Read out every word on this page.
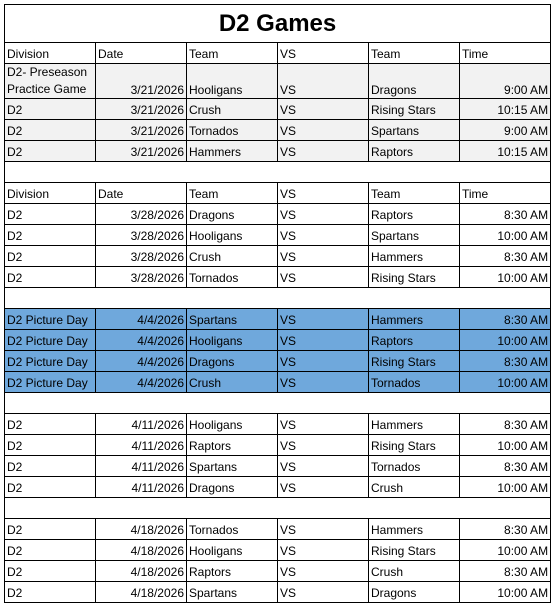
D2 Games					
Division	Date	Team	VS	Team	Time

D2- Preseason Practice Game	3/21/2026	Hooligans	VS	Dragons	9:00 AM
D2	3/21/2026	Crush	VS	Rising Stars	10:15 AM
D2	3/21/2026	Tornados	VS	Spartans	9:00 AM
D2	3/21/2026	Hammers	VS	Raptors	10:15 AM

Division	Date	Team	VS	Team	Time
D2	3/28/2026	Dragons	VS	Raptors	8:30 AM
D2	3/28/2026	Hooligans	VS	Spartans	10:00 AM
D2	3/28/2026	Crush	VS	Hammers	8:30 AM
D2	3/28/2026	Tornados	VS	Rising Stars	10:00 AM

D2 Picture Day	4/4/2026	Spartans	VS	Hammers	8:30 AM
D2 Picture Day	4/4/2026	Hooligans	VS	Raptors	10:00 AM
D2 Picture Day	4/4/2026	Dragons	VS	Rising Stars	8:30 AM
D2 Picture Day	4/4/2026	Crush	VS	Tornados	10:00 AM

D2	4/11/2026	Hooligans	VS	Hammers	8:30 AM
D2	4/11/2026	Raptors	VS	Rising Stars	10:00 AM
D2	4/11/2026	Spartans	VS	Tornados	8:30 AM
D2	4/11/2026	Dragons	VS	Crush	10:00 AM

D2	4/18/2026	Tornados	VS	Hammers	8:30 AM
D2	4/18/2026	Hooligans	VS	Rising Stars	10:00 AM
D2	4/18/2026	Raptors	VS	Crush	8:30 AM
D2	4/18/2026	Spartans	VS	Dragons	10:00 AM
